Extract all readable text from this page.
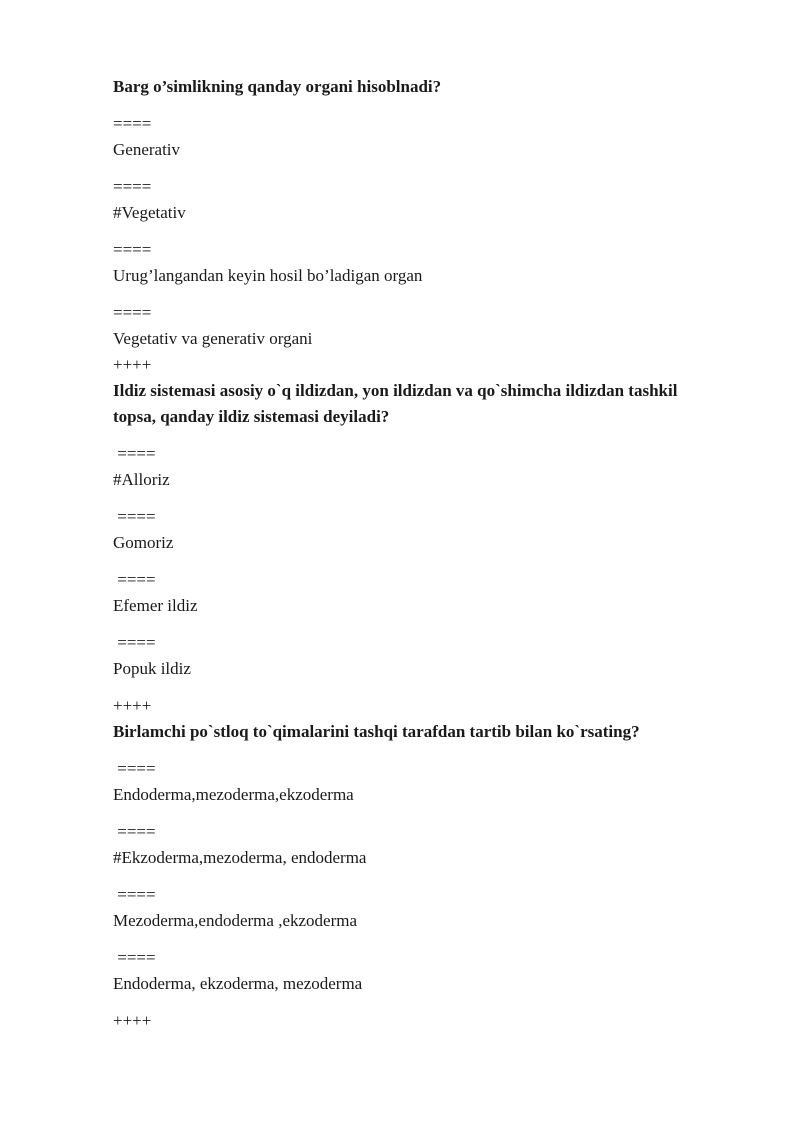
Barg o’simlikning qanday organi hisoblnadi?
====
Generativ
====
#Vegetativ
====
Urug’langandan keyin hosil bo’ladigan organ
====
Vegetativ va generativ organi
++++
Ildiz sistemasi asosiy o`q ildizdan, yon ildizdan va qo`shimcha ildizdan tashkil
topsa, qanday ildiz sistemasi deyiladi?
====
#Alloriz
====
Gomoriz
====
Efemer ildiz
====
Popuk ildiz
++++
Birlamchi po`stloq to`qimalarini tashqi tarafdan tartib bilan ko`rsating?
====
Endoderma,mezoderma,ekzoderma
====
#Ekzoderma,mezoderma, endoderma
====
Mezoderma,endoderma ,ekzoderma
====
Endoderma, ekzoderma, mezoderma
++++
